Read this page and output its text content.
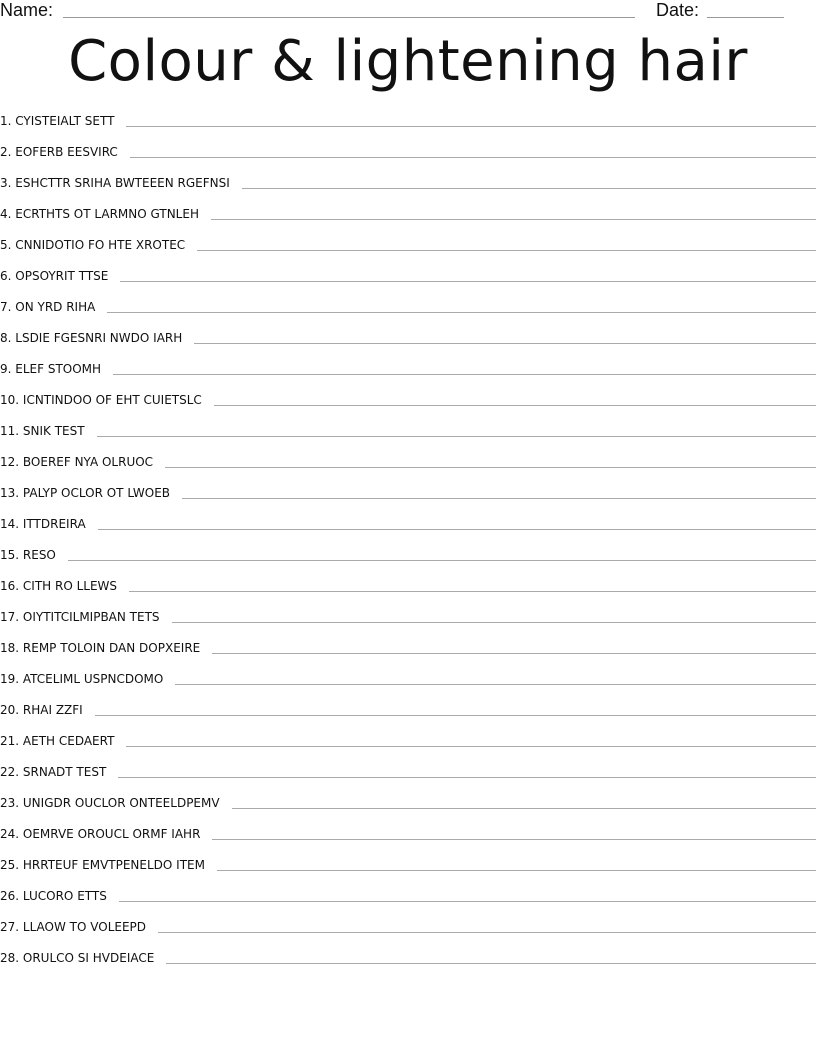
Name:	Date:
Colour & lightening hair
1. CYISTEIALT SETT
2. EOFERB EESVIRC
3. ESHCTTR SRIHA BWTEEEN RGEFNSI
4. ECRTHTS OT LARMNO GTNLEH
5. CNNIDOTIO FO HTE XROTEC
6. OPSOYRIT TTSE
7. ON YRD RIHA
8. LSDIE FGESNRI NWDO IARH
9. ELEF STOOMH
10. ICNTINDOO OF EHT CUIETSLC
11. SNIK TEST
12. BOEREF NYA OLRUOC
13. PALYP OCLOR OT LWOEB
14. ITTDREIRA
15. RESO
16. CITH RO LLEWS
17. OIYTITCILMIPBAN TETS
18. REMP TOLOIN DAN DOPXEIRE
19. ATCELIML USPNCDOMO
20. RHAI ZZFI
21. AETH CEDAERT
22. SRNADT TEST
23. UNIGDR OUCLOR ONTEELDPEMV
24. OEMRVE OROUCL ORMF IAHR
25. HRRTEUF EMVTPENELDO ITEM
26. LUCORO ETTS
27. LLAOW TO VOLEEPD
28. ORULCO SI HVDEIACE
